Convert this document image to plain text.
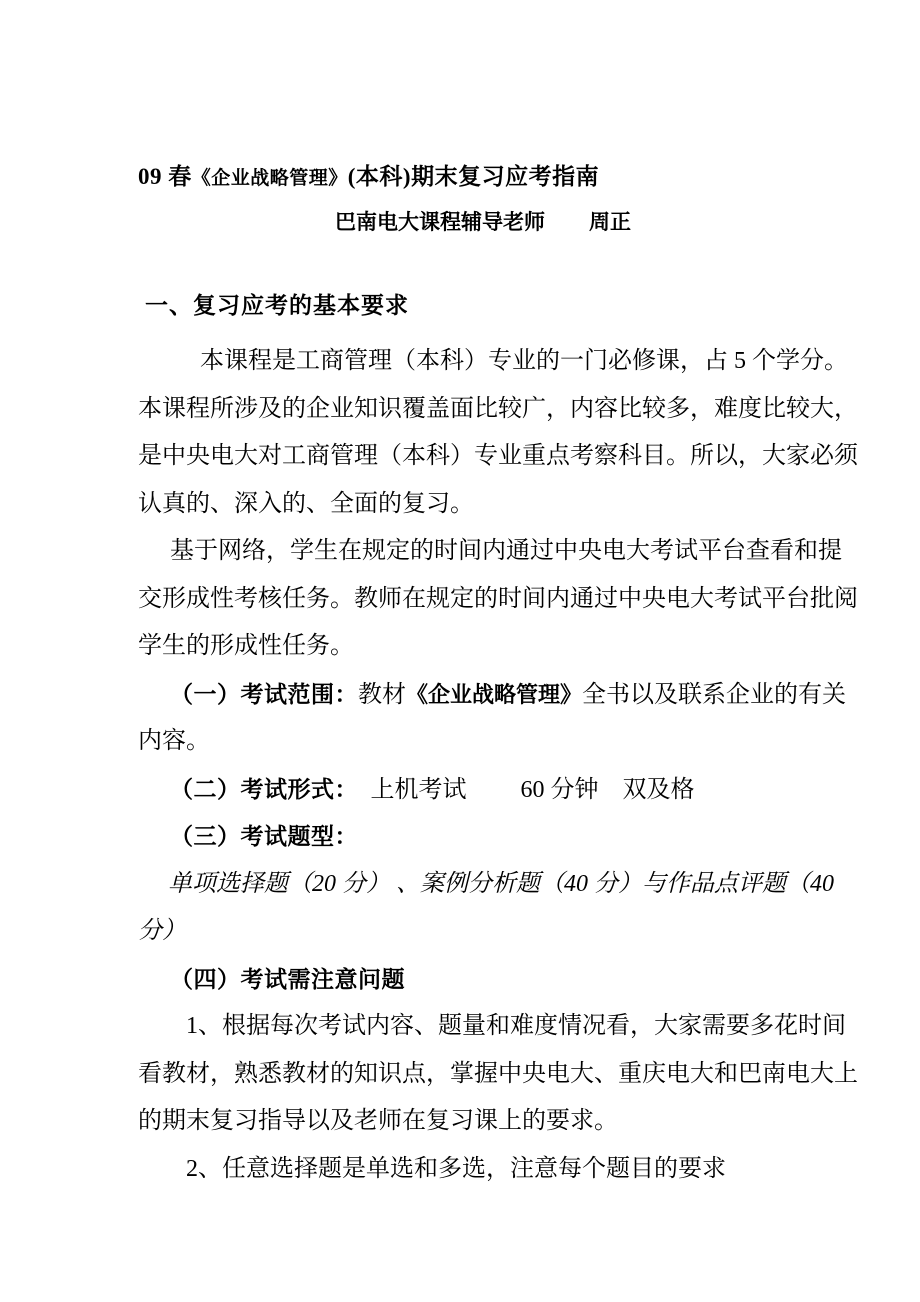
09 春《企业战略管理》(本科)期末复习应考指南
巴南电大课程辅导老师 周正
一、复习应考的基本要求
本课程是工商管理（本科）专业的一门必修课，占 5 个学分。
本课程所涉及的企业知识覆盖面比较广，内容比较多，难度比较大，
是中央电大对工商管理（本科）专业重点考察科目。所以，大家必须
认真的、深入的、全面的复习。
基于网络，学生在规定的时间内通过中央电大考试平台查看和提
交形成性考核任务。教师在规定的时间内通过中央电大考试平台批阅
学生的形成性任务。
（一）考试范围：教材《企业战略管理》全书以及联系企业的有关
内容。
（二）考试形式：　上机考试　　 60 分钟　双及格
（三）考试题型：
单项选择题（20 分） 、案例分析题（40 分）与作品点评题（40
分）
（四）考试需注意问题
1、根据每次考试内容、题量和难度情况看，大家需要多花时间
看教材，熟悉教材的知识点，掌握中央电大、重庆电大和巴南电大上
的期末复习指导以及老师在复习课上的要求。
2、任意选择题是单选和多选，注意每个题目的要求
